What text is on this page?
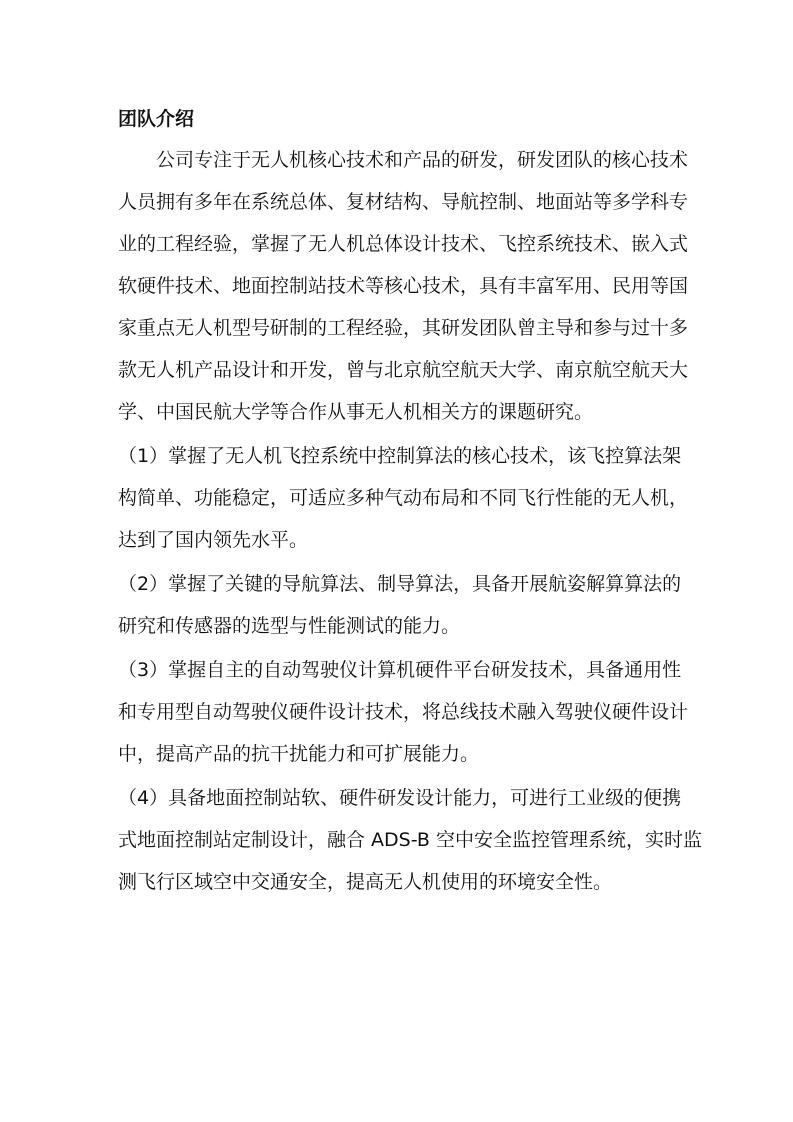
团队介绍
公司专注于无人机核心技术和产品的研发，研发团队的核心技术
人员拥有多年在系统总体、复材结构、导航控制、地面站等多学科专
业的工程经验，掌握了无人机总体设计技术、飞控系统技术、嵌入式
软硬件技术、地面控制站技术等核心技术，具有丰富军用、民用等国
家重点无人机型号研制的工程经验，其研发团队曾主导和参与过十多
款无人机产品设计和开发，曾与北京航空航天大学、南京航空航天大
学、中国民航大学等合作从事无人机相关方的课题研究。
（1）掌握了无人机飞控系统中控制算法的核心技术，该飞控算法架
构简单、功能稳定，可适应多种气动布局和不同飞行性能的无人机，
达到了国内领先水平。
（2）掌握了关键的导航算法、制导算法，具备开展航姿解算算法的
研究和传感器的选型与性能测试的能力。
（3）掌握自主的自动驾驶仪计算机硬件平台研发技术，具备通用性
和专用型自动驾驶仪硬件设计技术，将总线技术融入驾驶仪硬件设计
中，提高产品的抗干扰能力和可扩展能力。
（4）具备地面控制站软、硬件研发设计能力，可进行工业级的便携
式地面控制站定制设计，融合 ADS-B 空中安全监控管理系统，实时监
测飞行区域空中交通安全，提高无人机使用的环境安全性。
